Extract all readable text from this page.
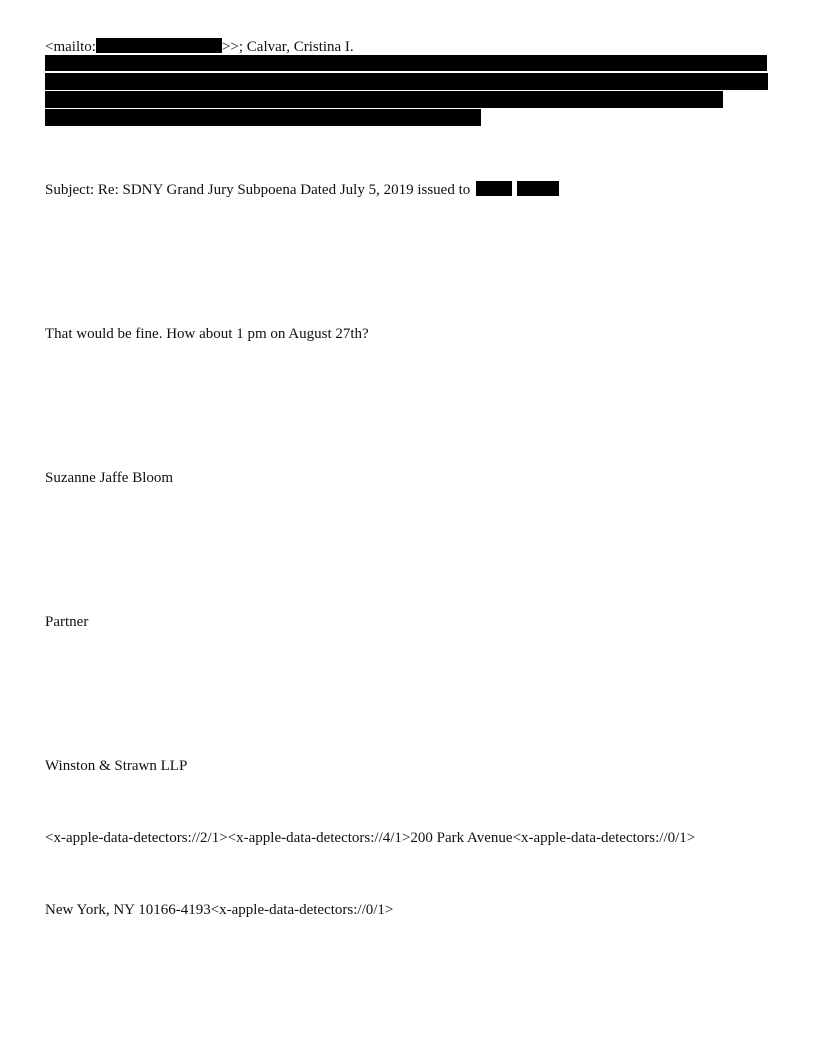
<mailto:	>>; Calvar, Cristina I.
Subject: Re: SDNY Grand Jury Subpoena Dated July 5, 2019 issued to
That would be fine. How about 1 pm on August 27th?
Suzanne Jaffe Bloom
Partner
Winston & Strawn LLP
<x-apple-data-detectors://2/1><x-apple-data-detectors://4/1>200 Park Avenue<x-apple-data-detectors://0/1>
New York, NY 10166-4193<x-apple-data-detectors://0/1>
